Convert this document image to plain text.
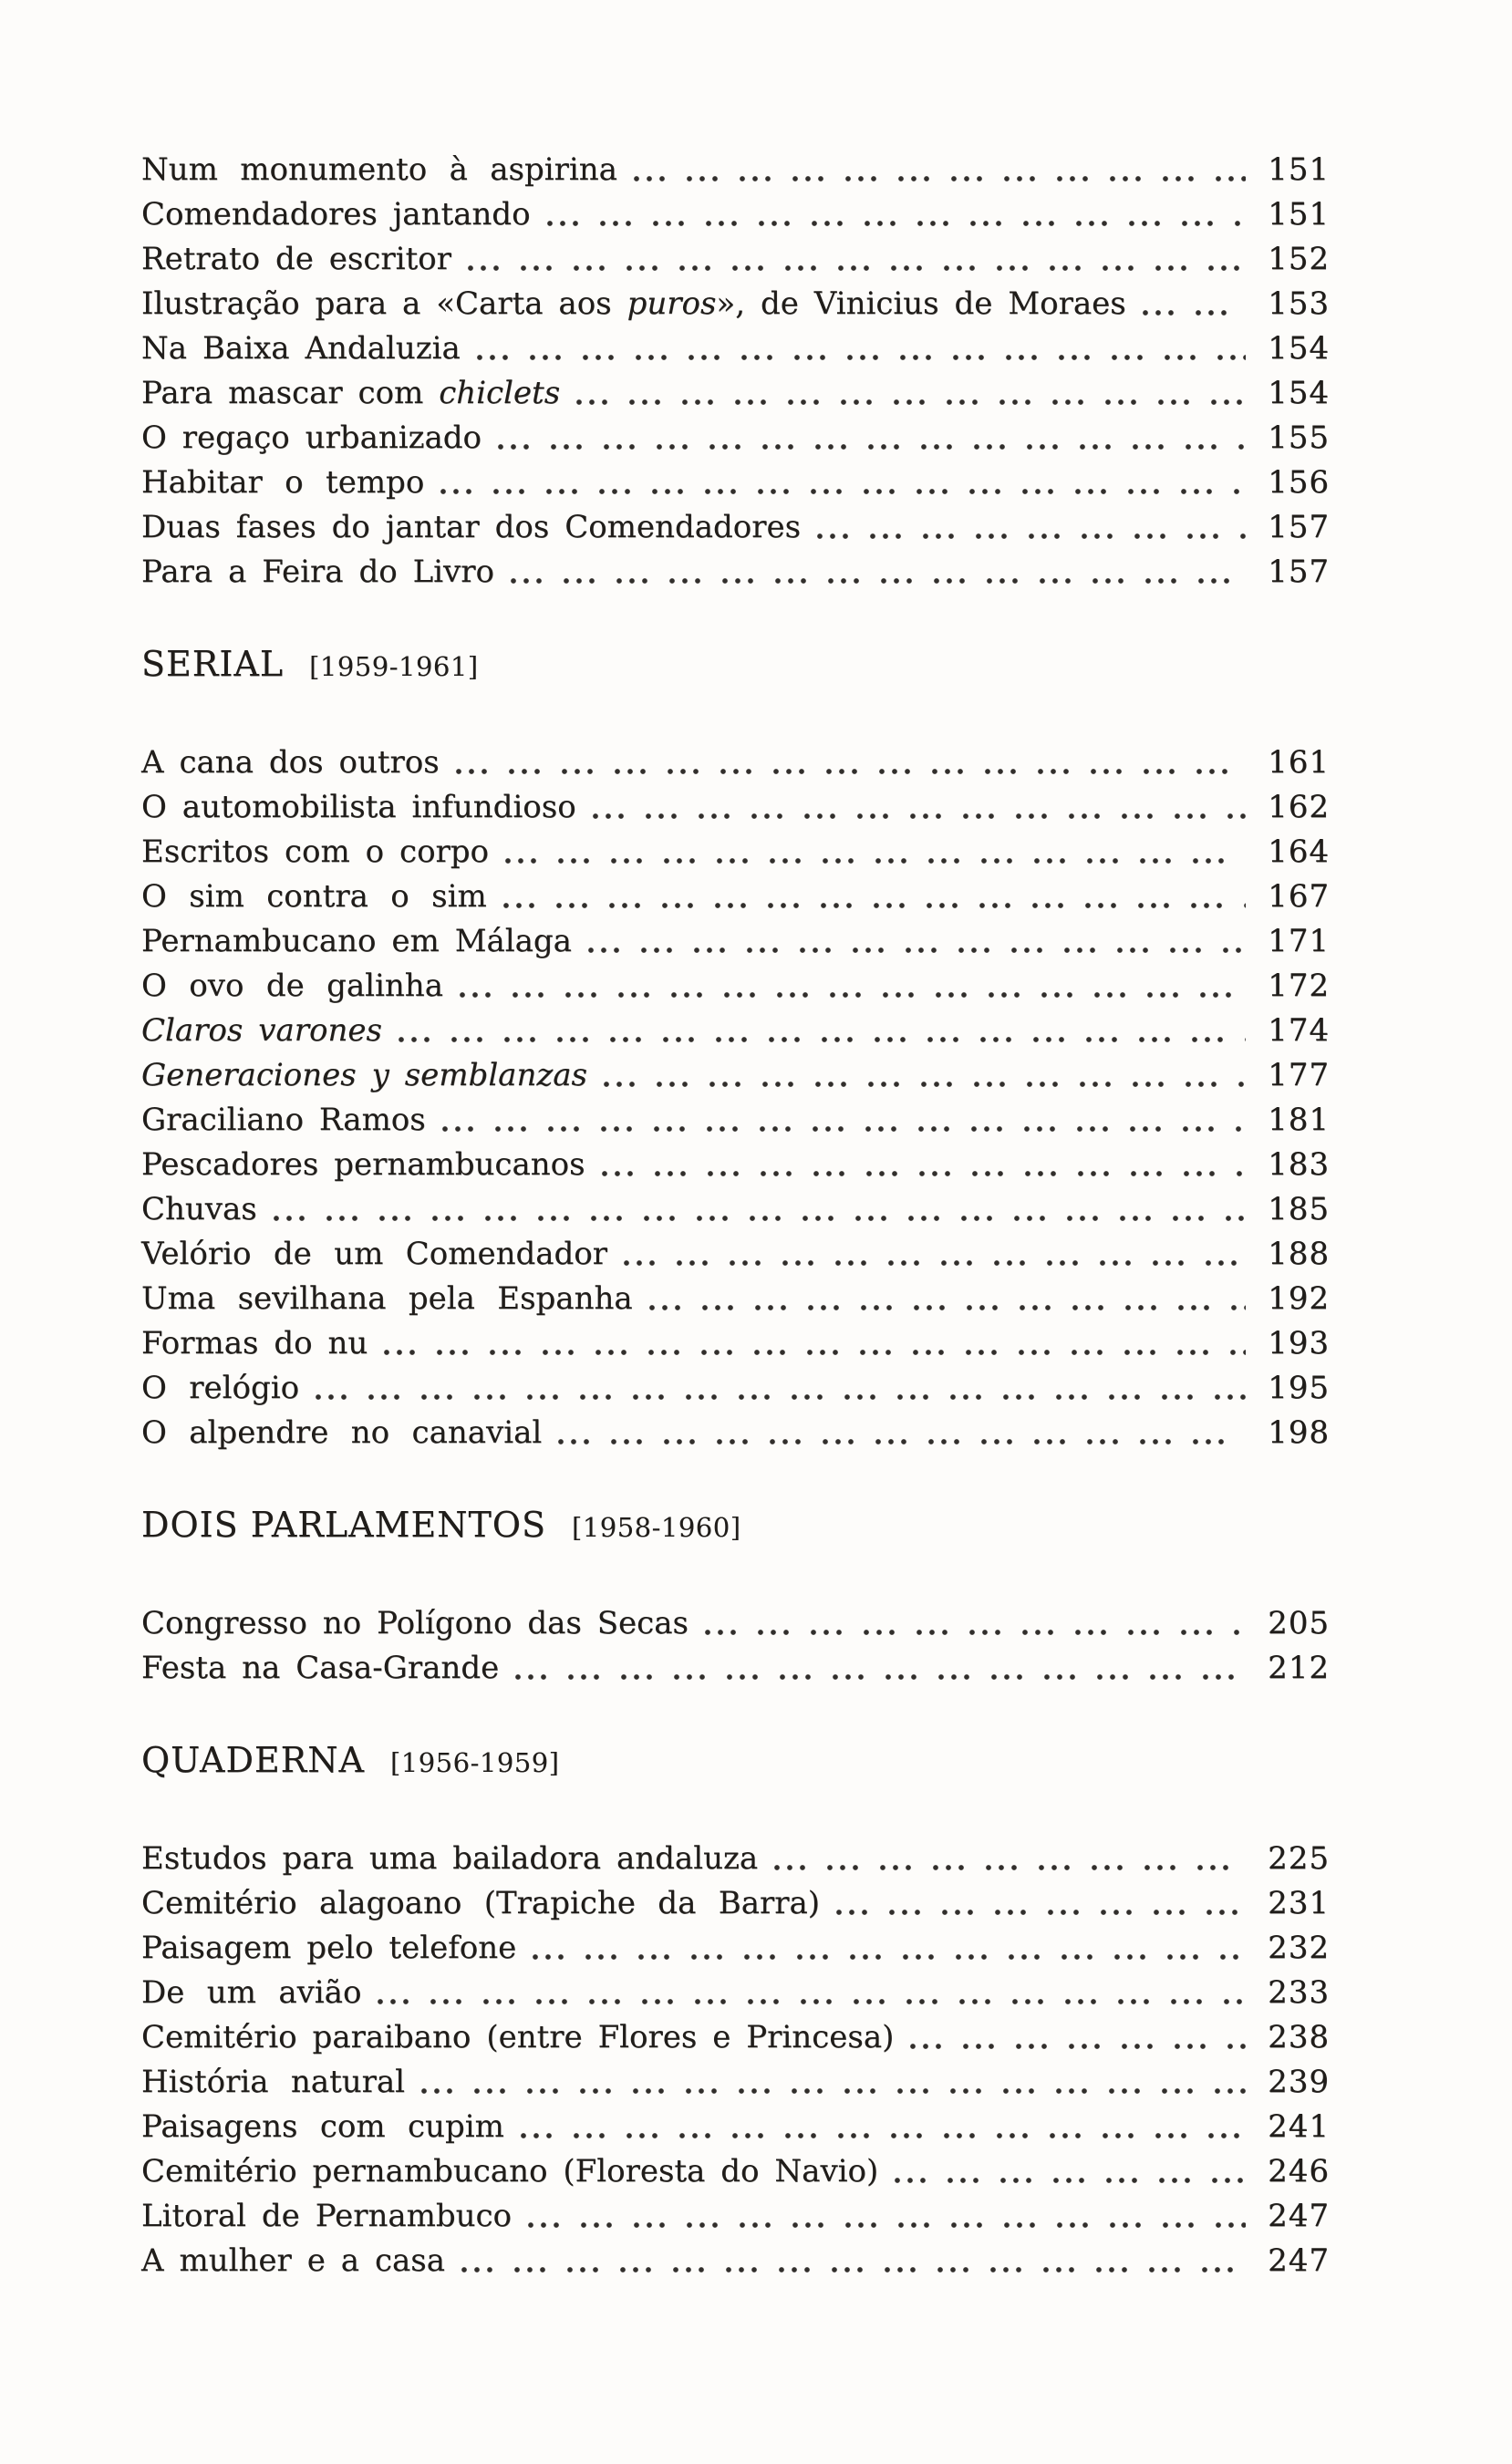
Num monumento à aspirina	151
Comendadores jantando	151
Retrato de escritor	152
Ilustração para a «Carta aos puros», de Vinicius de Moraes	153
Na Baixa Andaluzia	154
Para mascar com chiclets	154
O regaço urbanizado	155
Habitar o tempo	156
Duas fases do jantar dos Comendadores	157
Para a Feira do Livro	157
SERIAL [1959-1961]
A cana dos outros	161
O automobilista infundioso	162
Escritos com o corpo	164
O sim contra o sim	167
Pernambucano em Málaga	171
O ovo de galinha	172
Claros varones	174
Generaciones y semblanzas	177
Graciliano Ramos	181
Pescadores pernambucanos	183
Chuvas	185
Velório de um Comendador	188
Uma sevilhana pela Espanha	192
Formas do nu	193
O relógio	195
O alpendre no canavial	198
DOIS PARLAMENTOS [1958-1960]
Congresso no Polígono das Secas	205
Festa na Casa-Grande	212
QUADERNA [1956-1959]
Estudos para uma bailadora andaluza	225
Cemitério alagoano (Trapiche da Barra)	231
Paisagem pelo telefone	232
De um avião	233
Cemitério paraibano (entre Flores e Princesa)	238
História natural	239
Paisagens com cupim	241
Cemitério pernambucano (Floresta do Navio)	246
Litoral de Pernambuco	247
A mulher e a casa	247
